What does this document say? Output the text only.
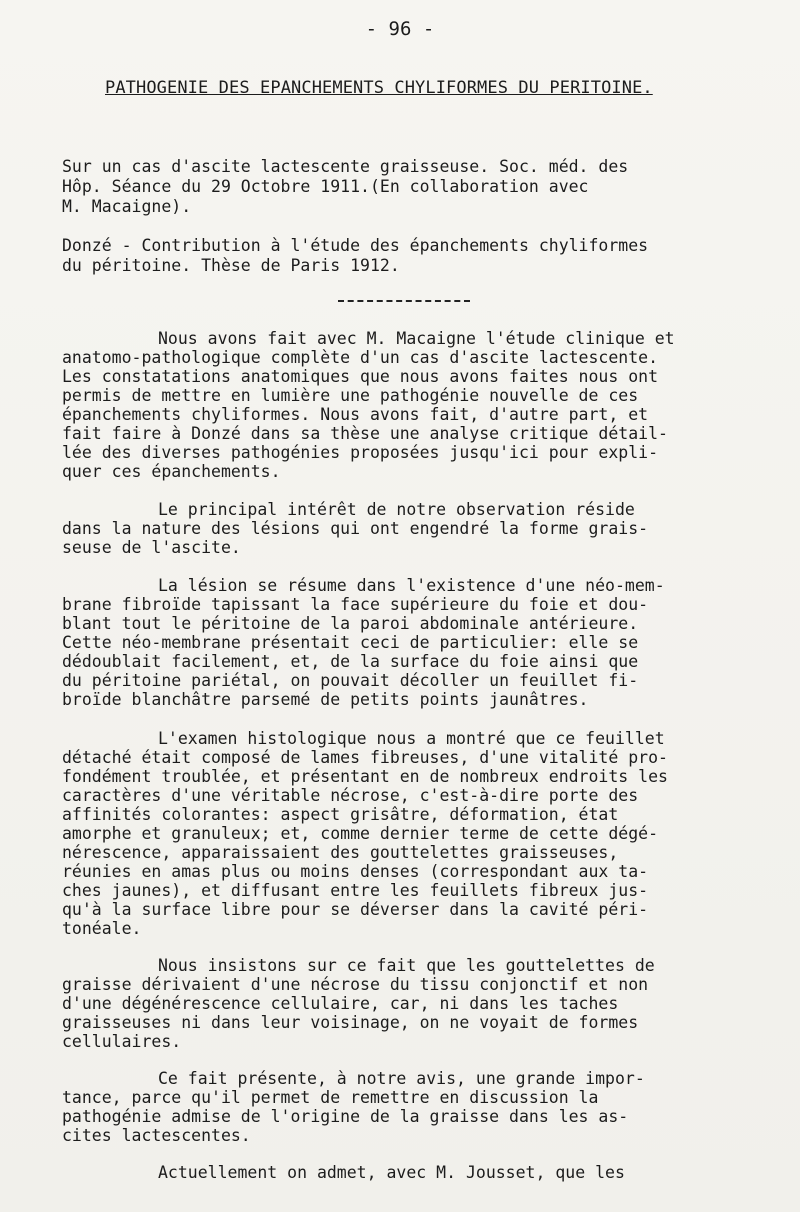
- 96 -
PATHOGENIE DES EPANCHEMENTS CHYLIFORMES DU PERITOINE.
Sur un cas d'ascite lactescente graisseuse. Soc. méd. des
Hôp. Séance du 29 Octobre 1911.(En collaboration avec
M. Macaigne).
Donzé - Contribution à l'étude des épanchements chyliformes
du péritoine. Thèse de Paris 1912.
Nous avons fait avec M. Macaigne l'étude clinique et
anatomo-pathologique complète d'un cas d'ascite lactescente.
Les constatations anatomiques que nous avons faites nous ont
permis de mettre en lumière une pathogénie nouvelle de ces
épanchements chyliformes. Nous avons fait, d'autre part, et
fait faire à Donzé dans sa thèse une analyse critique détail-
lée des diverses pathogénies proposées jusqu'ici pour expli-
quer ces épanchements.
Le principal intérêt de notre observation réside
dans la nature des lésions qui ont engendré la forme grais-
seuse de l'ascite.
La lésion se résume dans l'existence d'une néo-mem-
brane fibroïde tapissant la face supérieure du foie et dou-
blant tout le péritoine de la paroi abdominale antérieure.
Cette néo-membrane présentait ceci de particulier: elle se
dédoublait facilement, et, de la surface du foie ainsi que
du péritoine pariétal, on pouvait décoller un feuillet fi-
broïde blanchâtre parsemé de petits points jaunâtres.
L'examen histologique nous a montré que ce feuillet
détaché était composé de lames fibreuses, d'une vitalité pro-
fondément troublée, et présentant en de nombreux endroits les
caractères d'une véritable nécrose, c'est-à-dire porte des
affinités colorantes: aspect grisâtre, déformation, état
amorphe et granuleux; et, comme dernier terme de cette dégé-
nérescence, apparaissaient des gouttelettes graisseuses,
réunies en amas plus ou moins denses (correspondant aux ta-
ches jaunes), et diffusant entre les feuillets fibreux jus-
qu'à la surface libre pour se déverser dans la cavité péri-
tonéale.
Nous insistons sur ce fait que les gouttelettes de
graisse dérivaient d'une nécrose du tissu conjonctif et non
d'une dégénérescence cellulaire, car, ni dans les taches
graisseuses ni dans leur voisinage, on ne voyait de formes
cellulaires.
Ce fait présente, à notre avis, une grande impor-
tance, parce qu'il permet de remettre en discussion la
pathogénie admise de l'origine de la graisse dans les as-
cites lactescentes.
Actuellement on admet, avec M. Jousset, que les
